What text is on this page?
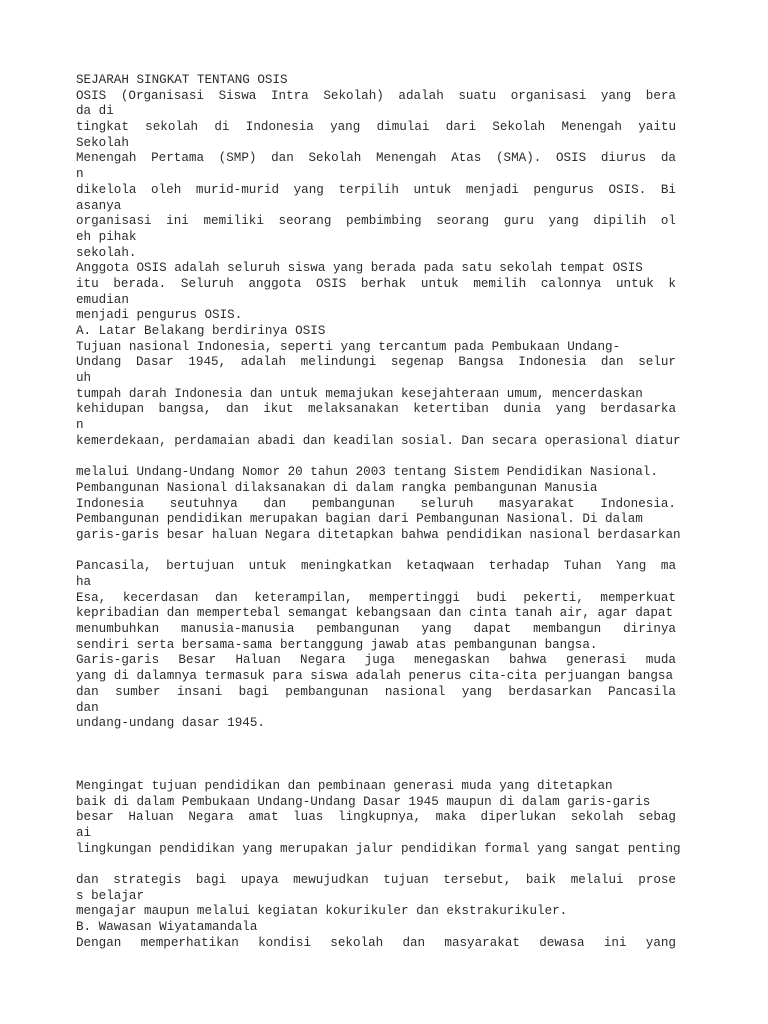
SEJARAH SINGKAT TENTANG OSIS
OSIS (Organisasi Siswa Intra Sekolah) adalah suatu organisasi yang bera
da di
tingkat sekolah di Indonesia yang dimulai dari Sekolah Menengah yaitu
Sekolah
Menengah Pertama (SMP) dan Sekolah Menengah Atas (SMA). OSIS diurus da
n
dikelola oleh murid-murid yang terpilih untuk menjadi pengurus OSIS. Bi
asanya
organisasi ini memiliki seorang pembimbing seorang guru yang dipilih ol
eh pihak
sekolah.
Anggota OSIS adalah seluruh siswa yang berada pada satu sekolah tempat OSIS
itu berada. Seluruh anggota OSIS berhak untuk memilih calonnya untuk k
emudian
menjadi pengurus OSIS.
A. Latar Belakang berdirinya OSIS
Tujuan nasional Indonesia, seperti yang tercantum pada Pembukaan Undang-
Undang Dasar 1945, adalah melindungi segenap Bangsa Indonesia dan selur
uh
tumpah darah Indonesia dan untuk memajukan kesejahteraan umum, mencerdaskan
kehidupan bangsa, dan ikut melaksanakan ketertiban dunia yang berdasarka
n
kemerdekaan, perdamaian abadi dan keadilan sosial. Dan secara operasional diatur
melalui Undang-Undang Nomor 20 tahun 2003 tentang Sistem Pendidikan Nasional.
Pembangunan Nasional dilaksanakan di dalam rangka pembangunan Manusia
Indonesia seutuhnya dan pembangunan seluruh masyarakat Indonesia.
Pembangunan pendidikan merupakan bagian dari Pembangunan Nasional. Di dalam
garis-garis besar haluan Negara ditetapkan bahwa pendidikan nasional berdasarkan
Pancasila, bertujuan untuk meningkatkan ketaqwaan terhadap Tuhan Yang ma
ha
Esa, kecerdasan dan keterampilan, mempertinggi budi pekerti, memperkuat
kepribadian dan mempertebal semangat kebangsaan dan cinta tanah air, agar dapat
menumbuhkan manusia-manusia pembangunan yang dapat membangun dirinya
sendiri serta bersama-sama bertanggung jawab atas pembangunan bangsa.
Garis-garis Besar Haluan Negara juga menegaskan bahwa generasi muda
yang di dalamnya termasuk para siswa adalah penerus cita-cita perjuangan bangsa
dan sumber insani bagi pembangunan nasional yang berdasarkan Pancasila
dan
undang-undang dasar 1945.
Mengingat tujuan pendidikan dan pembinaan generasi muda yang ditetapkan
baik di dalam Pembukaan Undang-Undang Dasar 1945 maupun di dalam garis-garis
besar Haluan Negara amat luas lingkupnya, maka diperlukan sekolah sebag
ai
lingkungan pendidikan yang merupakan jalur pendidikan formal yang sangat penting
dan strategis bagi upaya mewujudkan tujuan tersebut, baik melalui prose
s belajar
mengajar maupun melalui kegiatan kokurikuler dan ekstrakurikuler.
B. Wawasan Wiyatamandala
Dengan memperhatikan kondisi sekolah dan masyarakat dewasa ini yang
